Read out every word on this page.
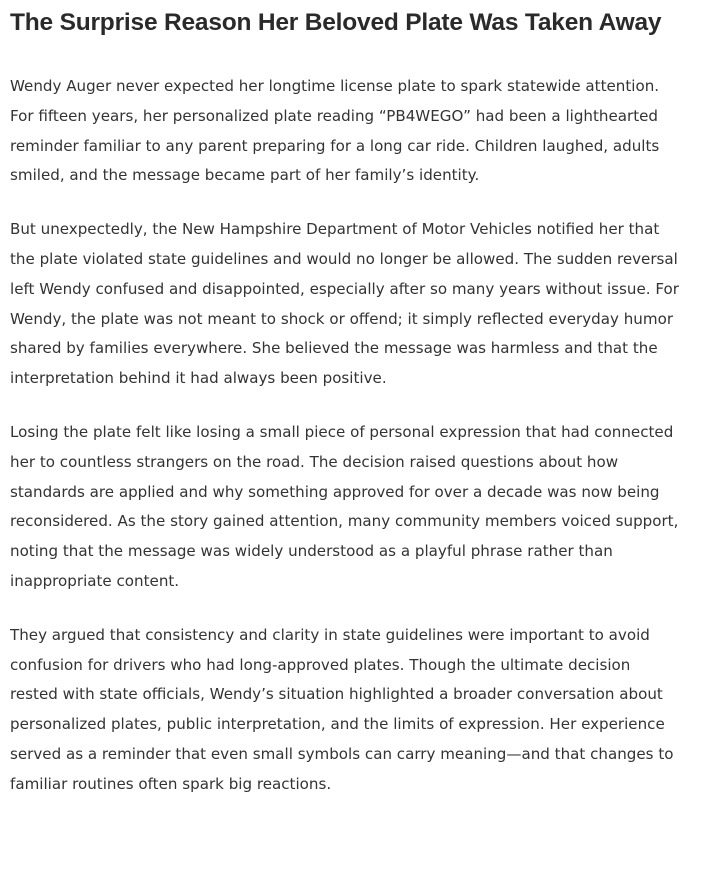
The Surprise Reason Her Beloved Plate Was Taken Away

Wendy Auger never expected her longtime license plate to spark statewide attention. For fifteen years, her personalized plate reading “PB4WEGO” had been a lighthearted reminder familiar to any parent preparing for a long car ride. Children laughed, adults smiled, and the message became part of her family’s identity.

But unexpectedly, the New Hampshire Department of Motor Vehicles notified her that the plate violated state guidelines and would no longer be allowed. The sudden reversal left Wendy confused and disappointed, especially after so many years without issue. For Wendy, the plate was not meant to shock or offend; it simply reflected everyday humor shared by families everywhere. She believed the message was harmless and that the interpretation behind it had always been positive.

Losing the plate felt like losing a small piece of personal expression that had connected her to countless strangers on the road. The decision raised questions about how standards are applied and why something approved for over a decade was now being reconsidered. As the story gained attention, many community members voiced support, noting that the message was widely understood as a playful phrase rather than inappropriate content.

They argued that consistency and clarity in state guidelines were important to avoid confusion for drivers who had long-approved plates. Though the ultimate decision rested with state officials, Wendy’s situation highlighted a broader conversation about personalized plates, public interpretation, and the limits of expression. Her experience served as a reminder that even small symbols can carry meaning—and that changes to familiar routines often spark big reactions.
